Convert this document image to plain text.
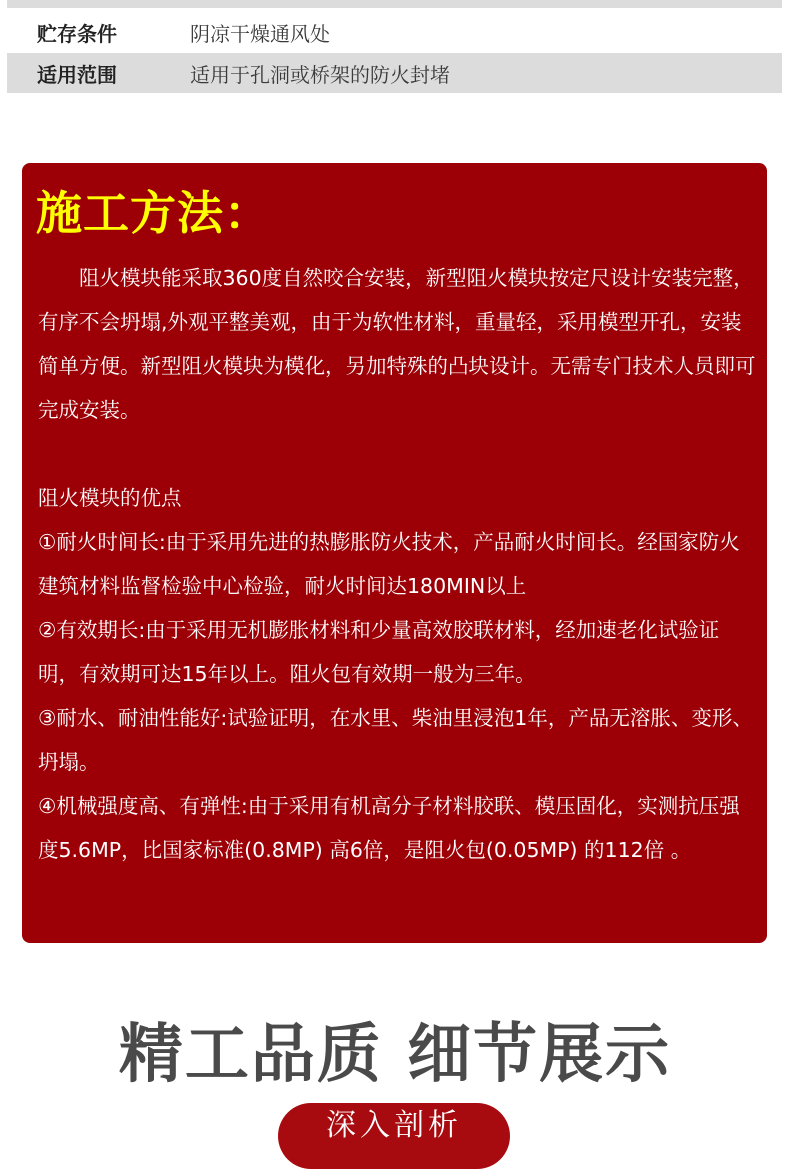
贮存条件	阴凉干燥通风处
适用范围	适用于孔洞或桥架的防火封堵
施工方法：

阻火模块能采取360度自然咬合安装，新型阻火模块按定尺设计安装完整，有序不会坍塌,外观平整美观，由于为软性材料，重量轻，采用模型开孔，安装简单方便。新型阻火模块为模化，另加特殊的凸块设计。无需专门技术人员即可完成安装。

阻火模块的优点

①耐火时间长:由于采用先进的热膨胀防火技术，产品耐火时间长。经国家防火建筑材料监督检验中心检验，耐火时间达180MIN以上

②有效期长:由于采用无机膨胀材料和少量高效胶联材料，经加速老化试验证明，有效期可达15年以上。阻火包有效期一般为三年。

③耐水、耐油性能好:试验证明，在水里、柴油里浸泡1年，产品无溶胀、变形、坍塌。

④机械强度高、有弹性:由于采用有机高分子材料胶联、模压固化，实测抗压强度5.6MP，比国家标准(0.8MP) 高6倍，是阻火包(0.05MP) 的112倍 。

精工品质 细节展示
深入剖析
